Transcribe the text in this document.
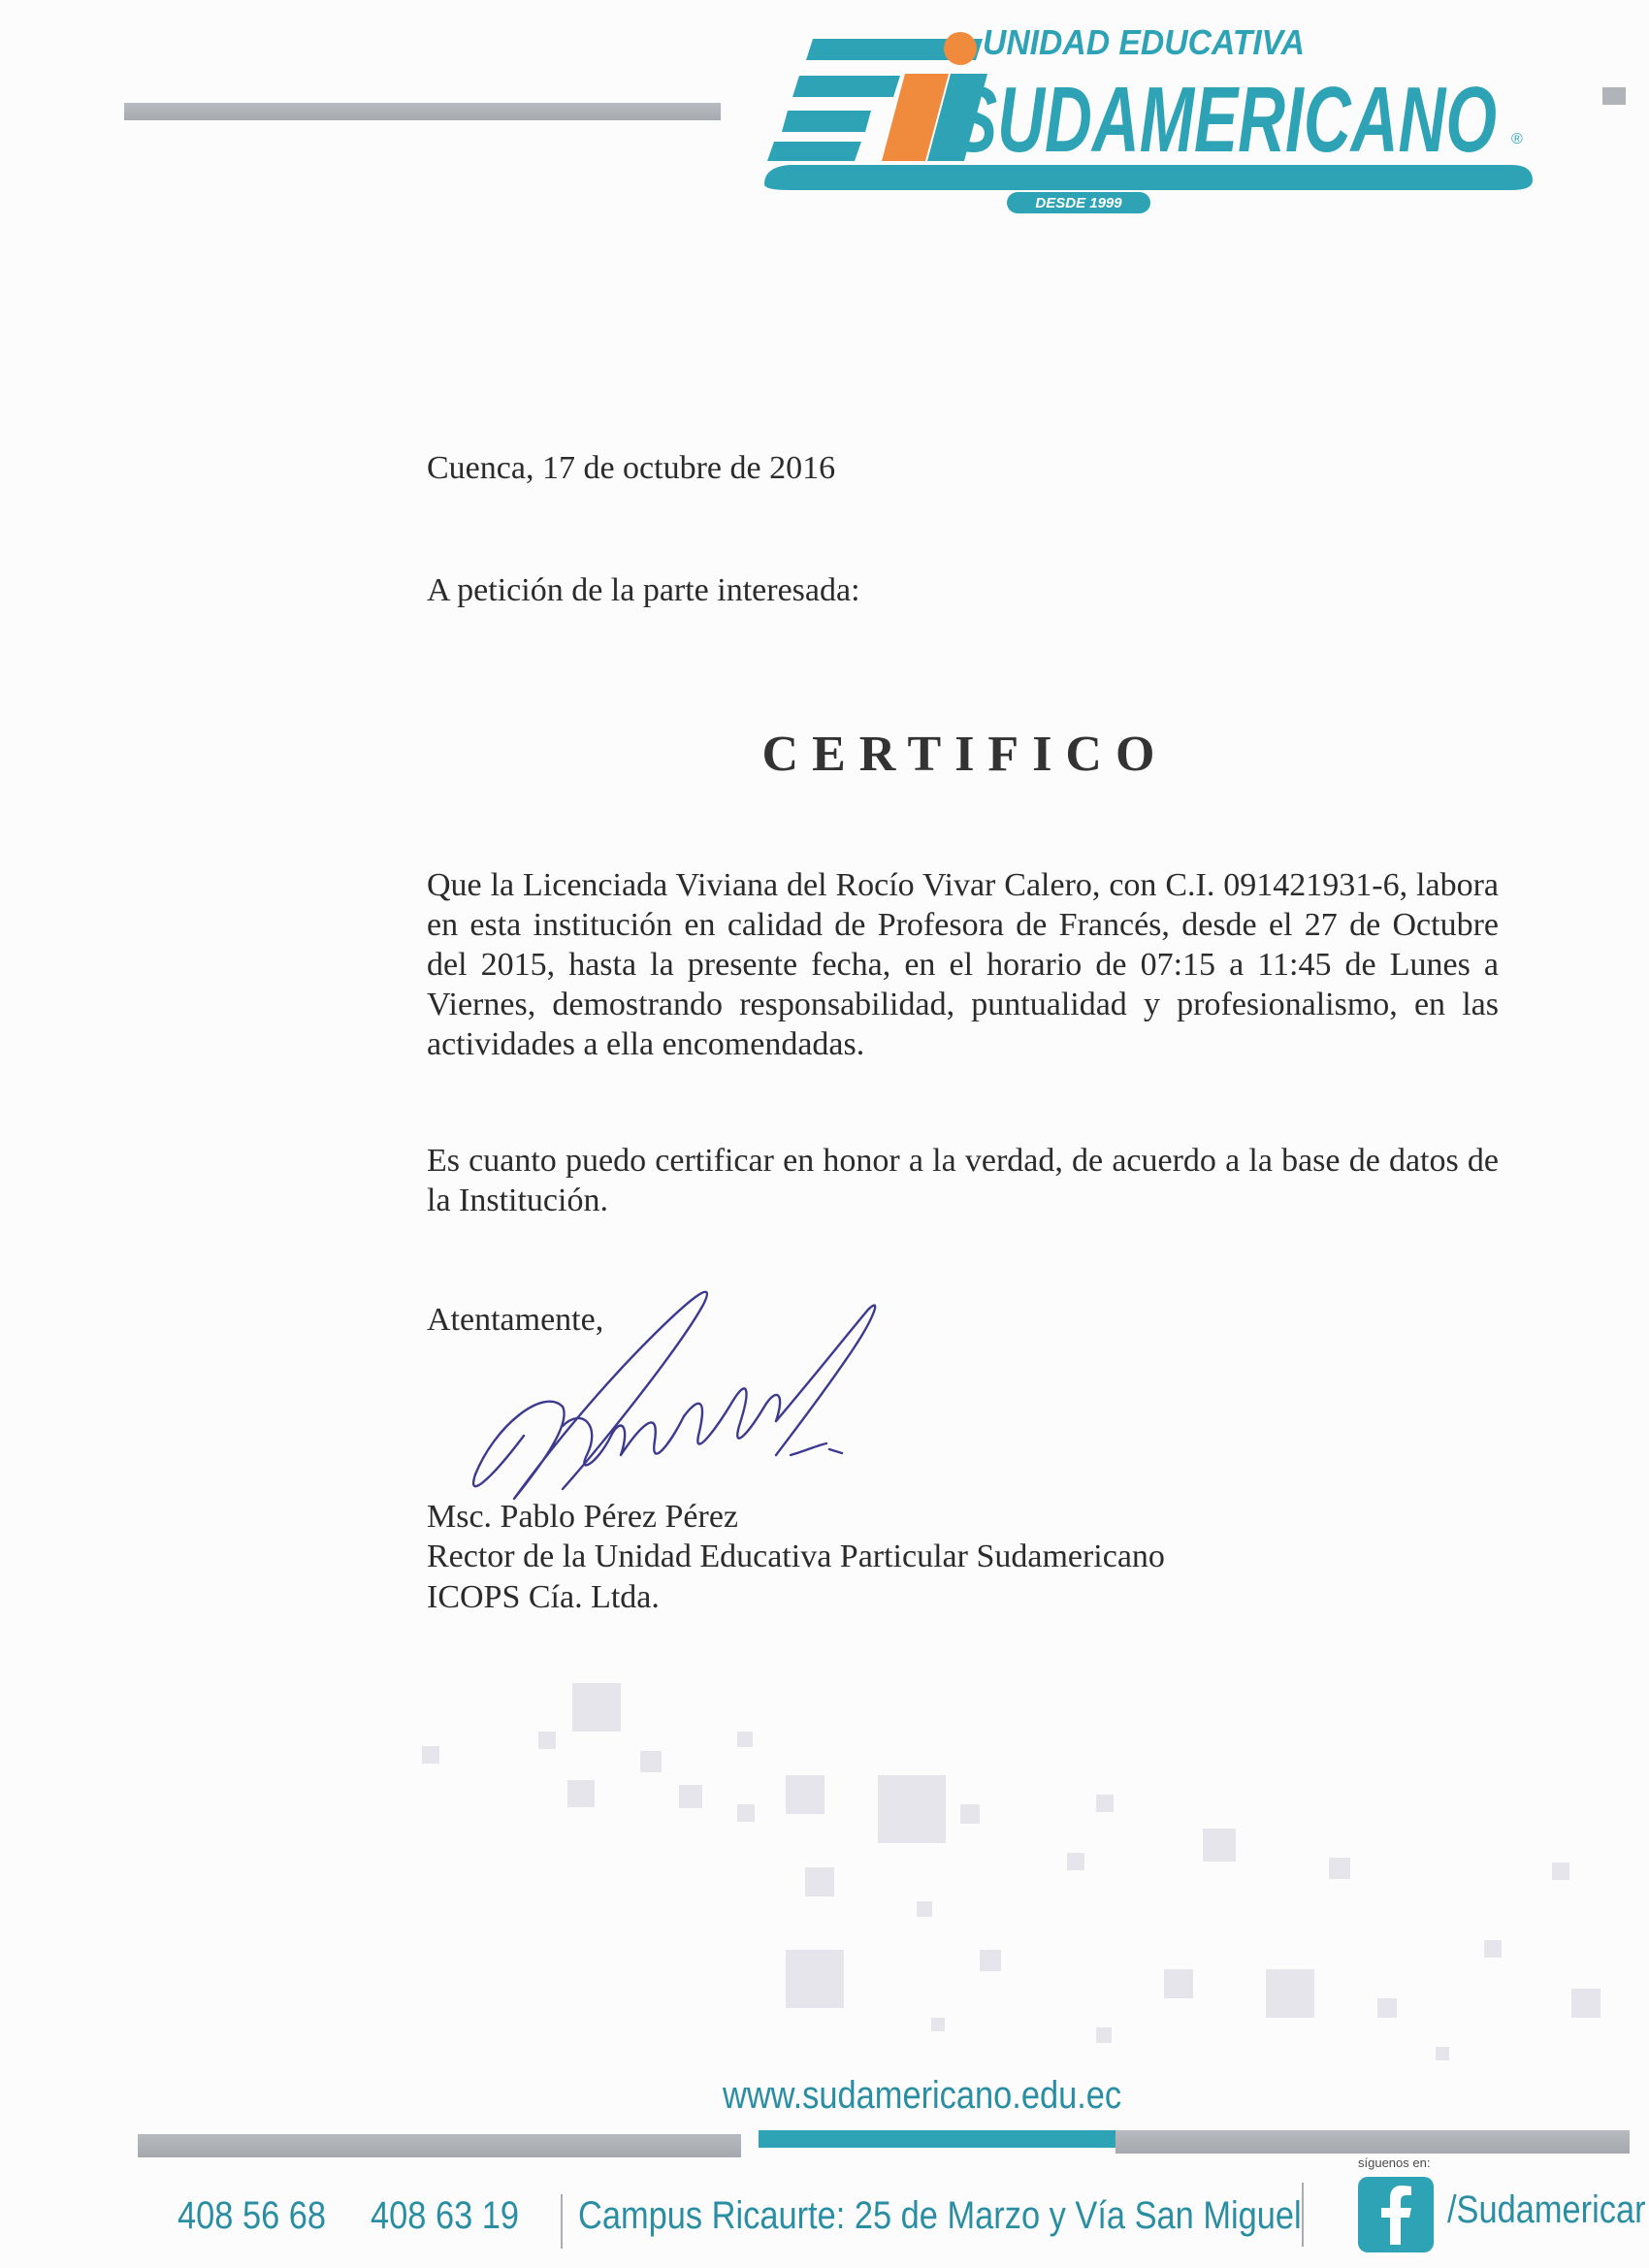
DESDE 1999
UNIDAD EDUCATIVA
SUDAMERICANO ®
Cuenca, 17 de octubre de 2016
A petición de la parte interesada:
CERTIFICO
Que la Licenciada Viviana del Rocío Vivar Calero, con C.I. 091421931-6, labora en esta institución en calidad de Profesora de Francés, desde el 27 de Octubre del 2015, hasta la presente fecha, en el horario de 07:15 a 11:45 de Lunes a Viernes, demostrando responsabilidad, puntualidad y profesionalismo, en las actividades a ella encomendadas.
Es cuanto puedo certificar en honor a la verdad, de acuerdo a la base de datos de la Institución.
Atentamente,
Msc. Pablo Pérez Pérez
Rector de la Unidad Educativa Particular Sudamericano
ICOPS Cía. Ltda.
www.sudamericano.edu.ec
408 56 68 408 63 19 Campus Ricaurte: 25 de Marzo y Vía San Miguel
síguenos en:
/Sudamericar
